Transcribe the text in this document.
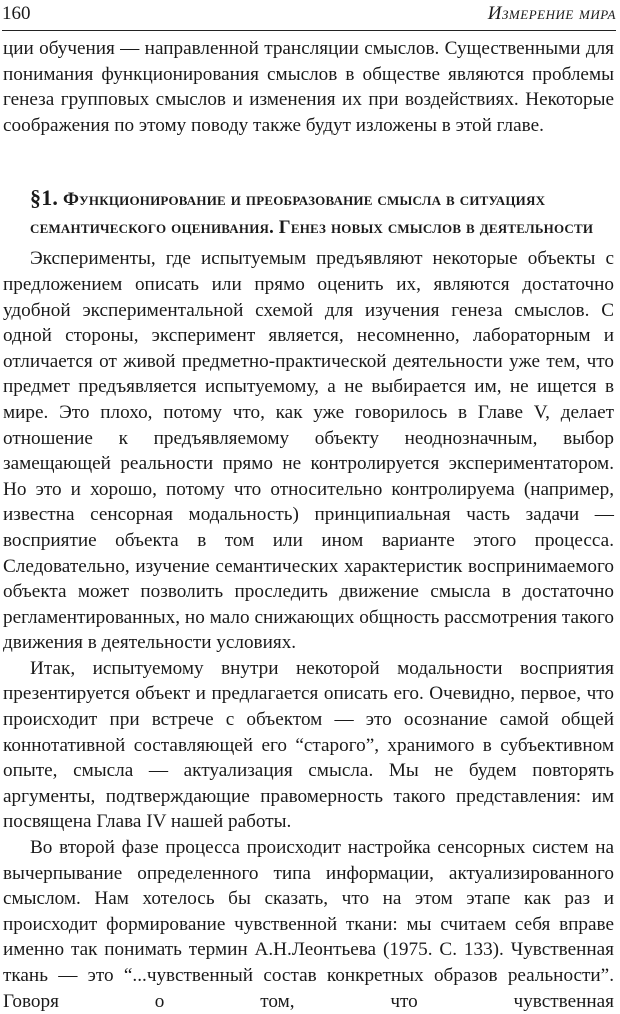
160	Измерение мира

ции обучения — направленной трансляции смыслов. Существенными для понимания функционирования смыслов в обществе являются проблемы генеза групповых смыслов и изменения их при воздействиях. Некоторые соображения по этому поводу также будут изложены в этой главе.

§1. Функционирование и преобразование смысла в ситуациях семантического оценивания. Генез новых смыслов в деятельности

Эксперименты, где испытуемым предъявляют некоторые объекты с предложением описать или прямо оценить их, являются достаточно удобной экспериментальной схемой для изучения генеза смыслов. С одной стороны, эксперимент является, несомненно, лабораторным и отличается от живой предметно-практической деятельности уже тем, что предмет предъявляется испытуемому, а не выбирается им, не ищется в мире. Это плохо, потому что, как уже говорилось в Главе V, делает отношение к предъявляемому объекту неоднозначным, выбор замещающей реальности прямо не контролируется экспериментатором. Но это и хорошо, потому что относительно контролируема (например, известна сенсорная модальность) принципиальная часть задачи — восприятие объекта в том или ином варианте этого процесса. Следовательно, изучение семантических характеристик воспринимаемого объекта может позволить проследить движение смысла в достаточно регламентированных, но мало снижающих общность рассмотрения такого движения в деятельности условиях.

Итак, испытуемому внутри некоторой модальности восприятия презентируется объект и предлагается описать его. Очевидно, первое, что происходит при встрече с объектом — это осознание самой общей коннотативной составляющей его “старого”, хранимого в субъективном опыте, смысла — актуализация смысла. Мы не будем повторять аргументы, подтверждающие правомерность такого представления: им посвящена Глава IV нашей работы.

Во второй фазе процесса происходит настройка сенсорных систем на вычерпывание определенного типа информации, актуализированного смыслом. Нам хотелось бы сказать, что на этом этапе как раз и происходит формирование чувственной ткани: мы считаем себя вправе именно так понимать термин А.Н.Леонтьева (1975. С. 133). Чувственная ткань — это “...чувственный состав конкретных образов реальности”. Говоря о том, что чувственная
